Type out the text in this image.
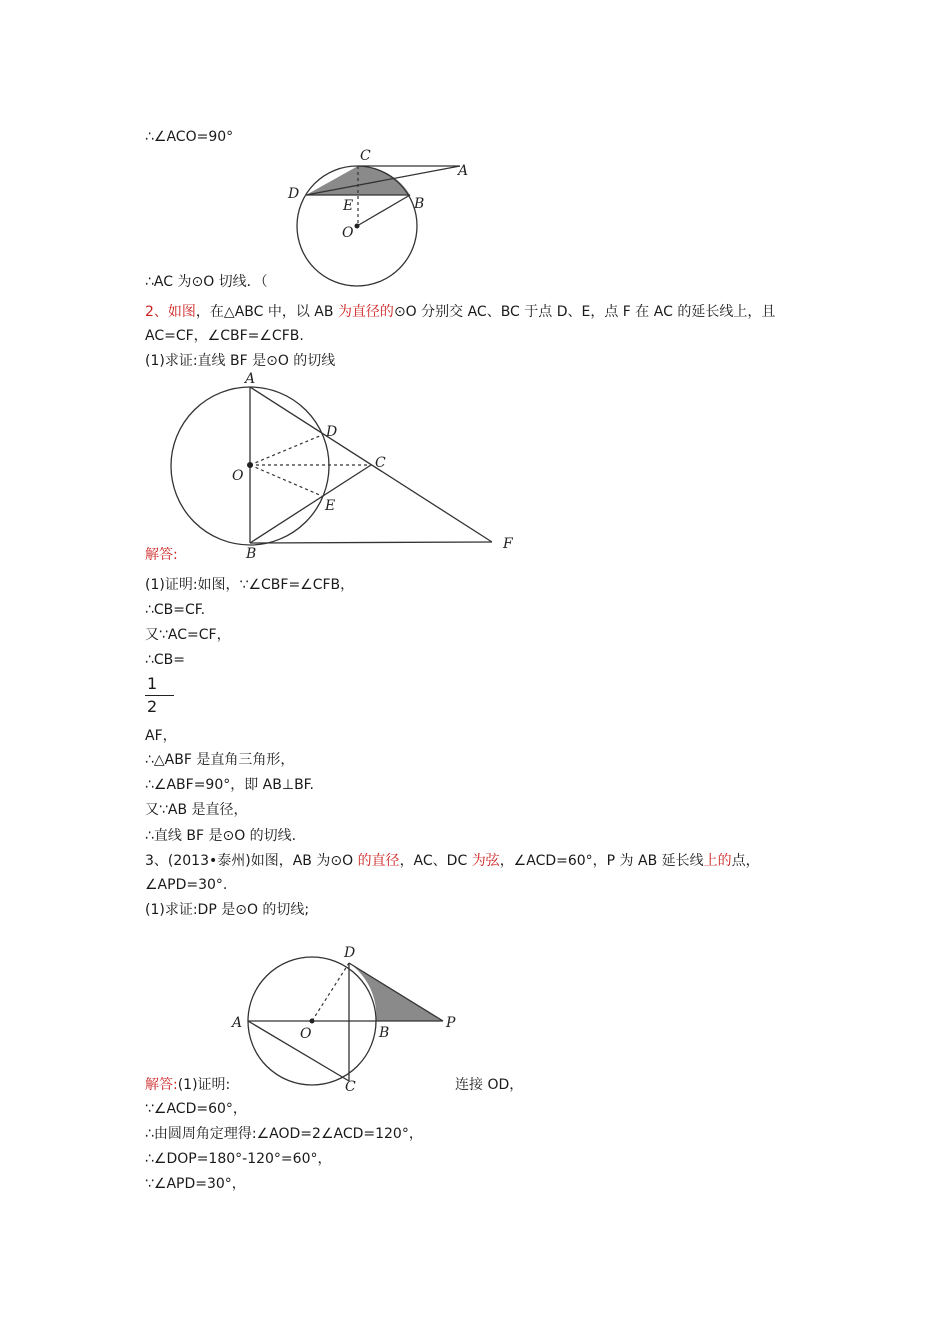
∴∠ACO=90°
C
A
D
E	B
O
∴AC 为⊙O 切线．（
2、如图，在△ABC 中，以 AB 为直径的⊙O 分别交 AC、BC 于点 D、E，点 F 在 AC 的延长线上，且
AC=CF，∠CBF=∠CFB.
(1)求证:直线 BF 是⊙O 的切线
A
D
O
C
E
B
F
解答:
(1)证明:如图，∵∠CBF=∠CFB，
∴CB=CF.
又∵AC=CF，
∴CB=
1
2
AF，
∴△ABF 是直角三角形，
∴∠ABF=90°，即 AB⊥BF.
又∵AB 是直径，
∴直线 BF 是⊙O 的切线.
3、(2013•泰州)如图，AB 为⊙O 的直径，AC、DC 为弦，∠ACD=60°，P 为 AB 延长线上的点，
∠APD=30°.
(1)求证:DP 是⊙O 的切线;
D
A
O	B
P
C
解答:(1)证明:	连接 OD，
∵∠ACD=60°，
∴由圆周角定理得:∠AOD=2∠ACD=120°，
∴∠DOP=180°-120°=60°，
∵∠APD=30°，
